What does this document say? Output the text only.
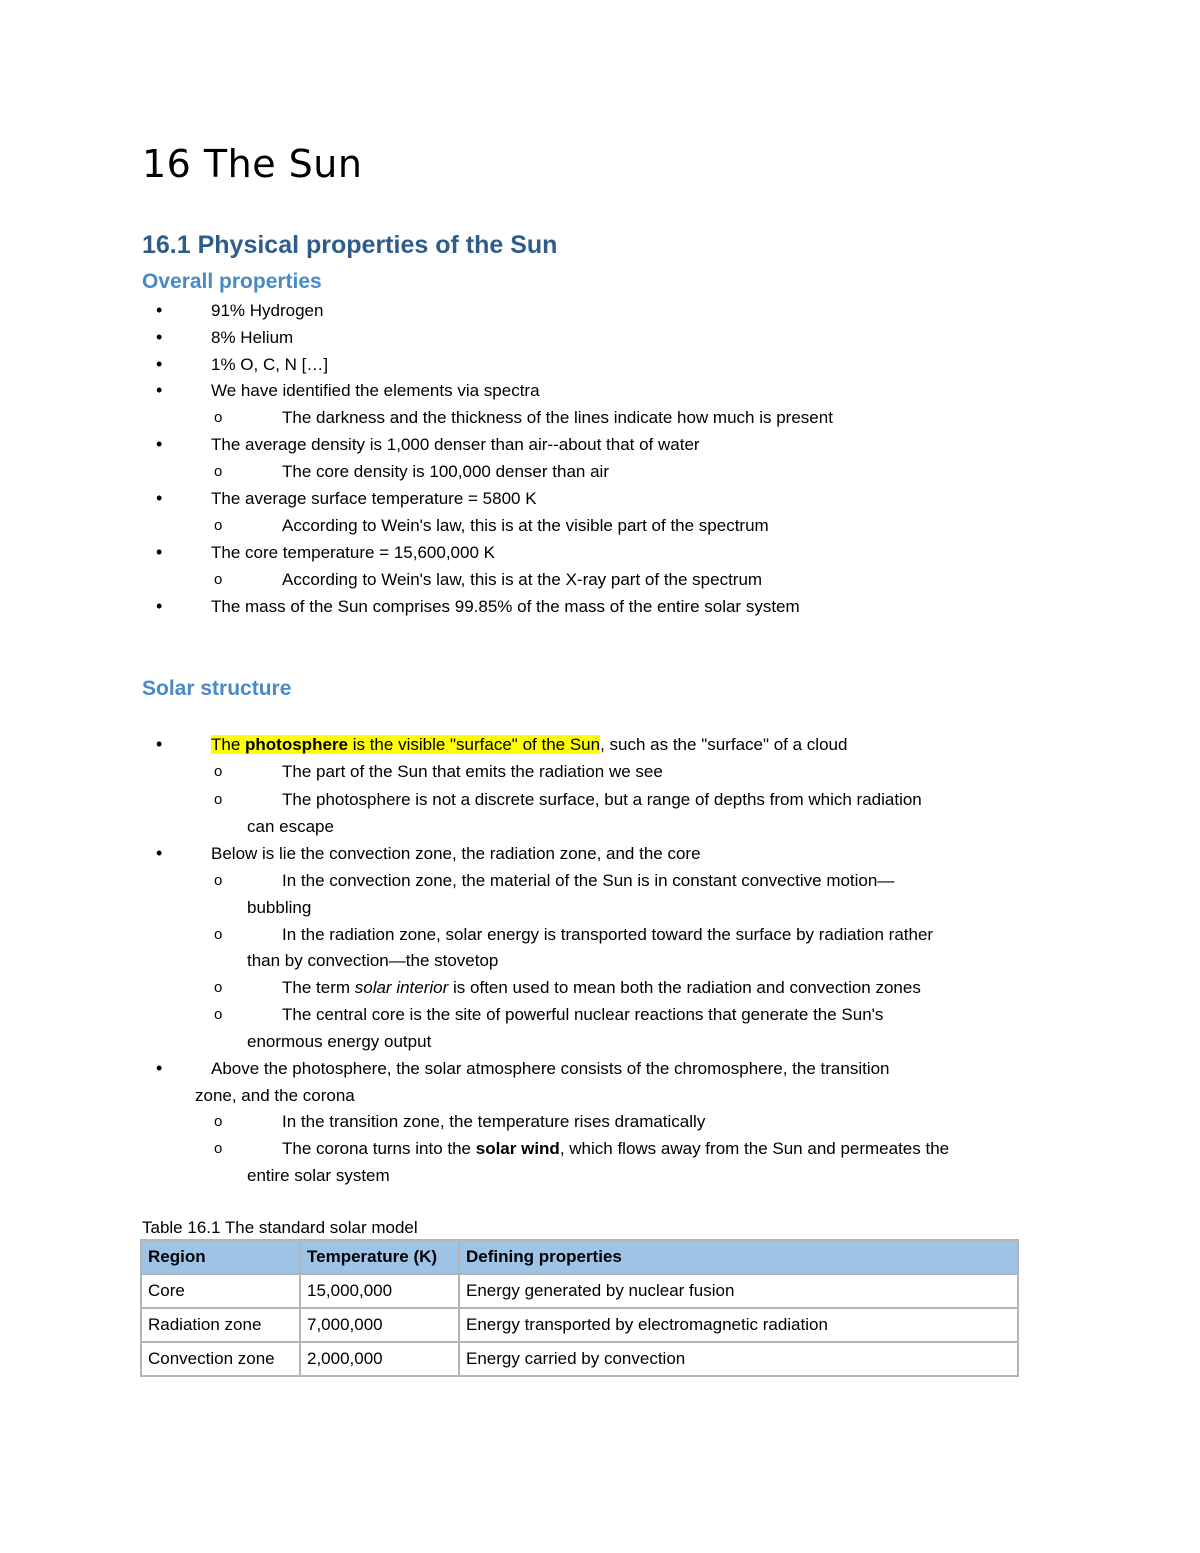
16 The Sun
16.1 Physical properties of the Sun
Overall properties
•	91% Hydrogen
•	8% Helium
•	1% O, C, N […]
•	We have identified the elements via spectra
o	The darkness and the thickness of the lines indicate how much is present
•	The average density is 1,000 denser than air--about that of water
o	The core density is 100,000 denser than air
•	The average surface temperature = 5800 K
o	According to Wein's law, this is at the visible part of the spectrum
•	The core temperature = 15,600,000 K
o	According to Wein's law, this is at the X-ray part of the spectrum
•	The mass of the Sun comprises 99.85% of the mass of the entire solar system
Solar structure
•	The photosphere is the visible "surface" of the Sun, such as the "surface" of a cloud
o	The part of the Sun that emits the radiation we see
o	The photosphere is not a discrete surface, but a range of depths from which radiation
can escape
•	Below is lie the convection zone, the radiation zone, and the core
o	In the convection zone, the material of the Sun is in constant convective motion—
bubbling
o	In the radiation zone, solar energy is transported toward the surface by radiation rather
than by convection—the stovetop
o	The term solar interior is often used to mean both the radiation and convection zones
o	The central core is the site of powerful nuclear reactions that generate the Sun's
enormous energy output
•	Above the photosphere, the solar atmosphere consists of the chromosphere, the transition
zone, and the corona
o	In the transition zone, the temperature rises dramatically
o	The corona turns into the solar wind, which flows away from the Sun and permeates the
entire solar system
Table 16.1 The standard solar model
Region	Temperature (K)	Defining properties
Core	15,000,000	Energy generated by nuclear fusion
Radiation zone	7,000,000	Energy transported by electromagnetic radiation
Convection zone	2,000,000	Energy carried by convection
